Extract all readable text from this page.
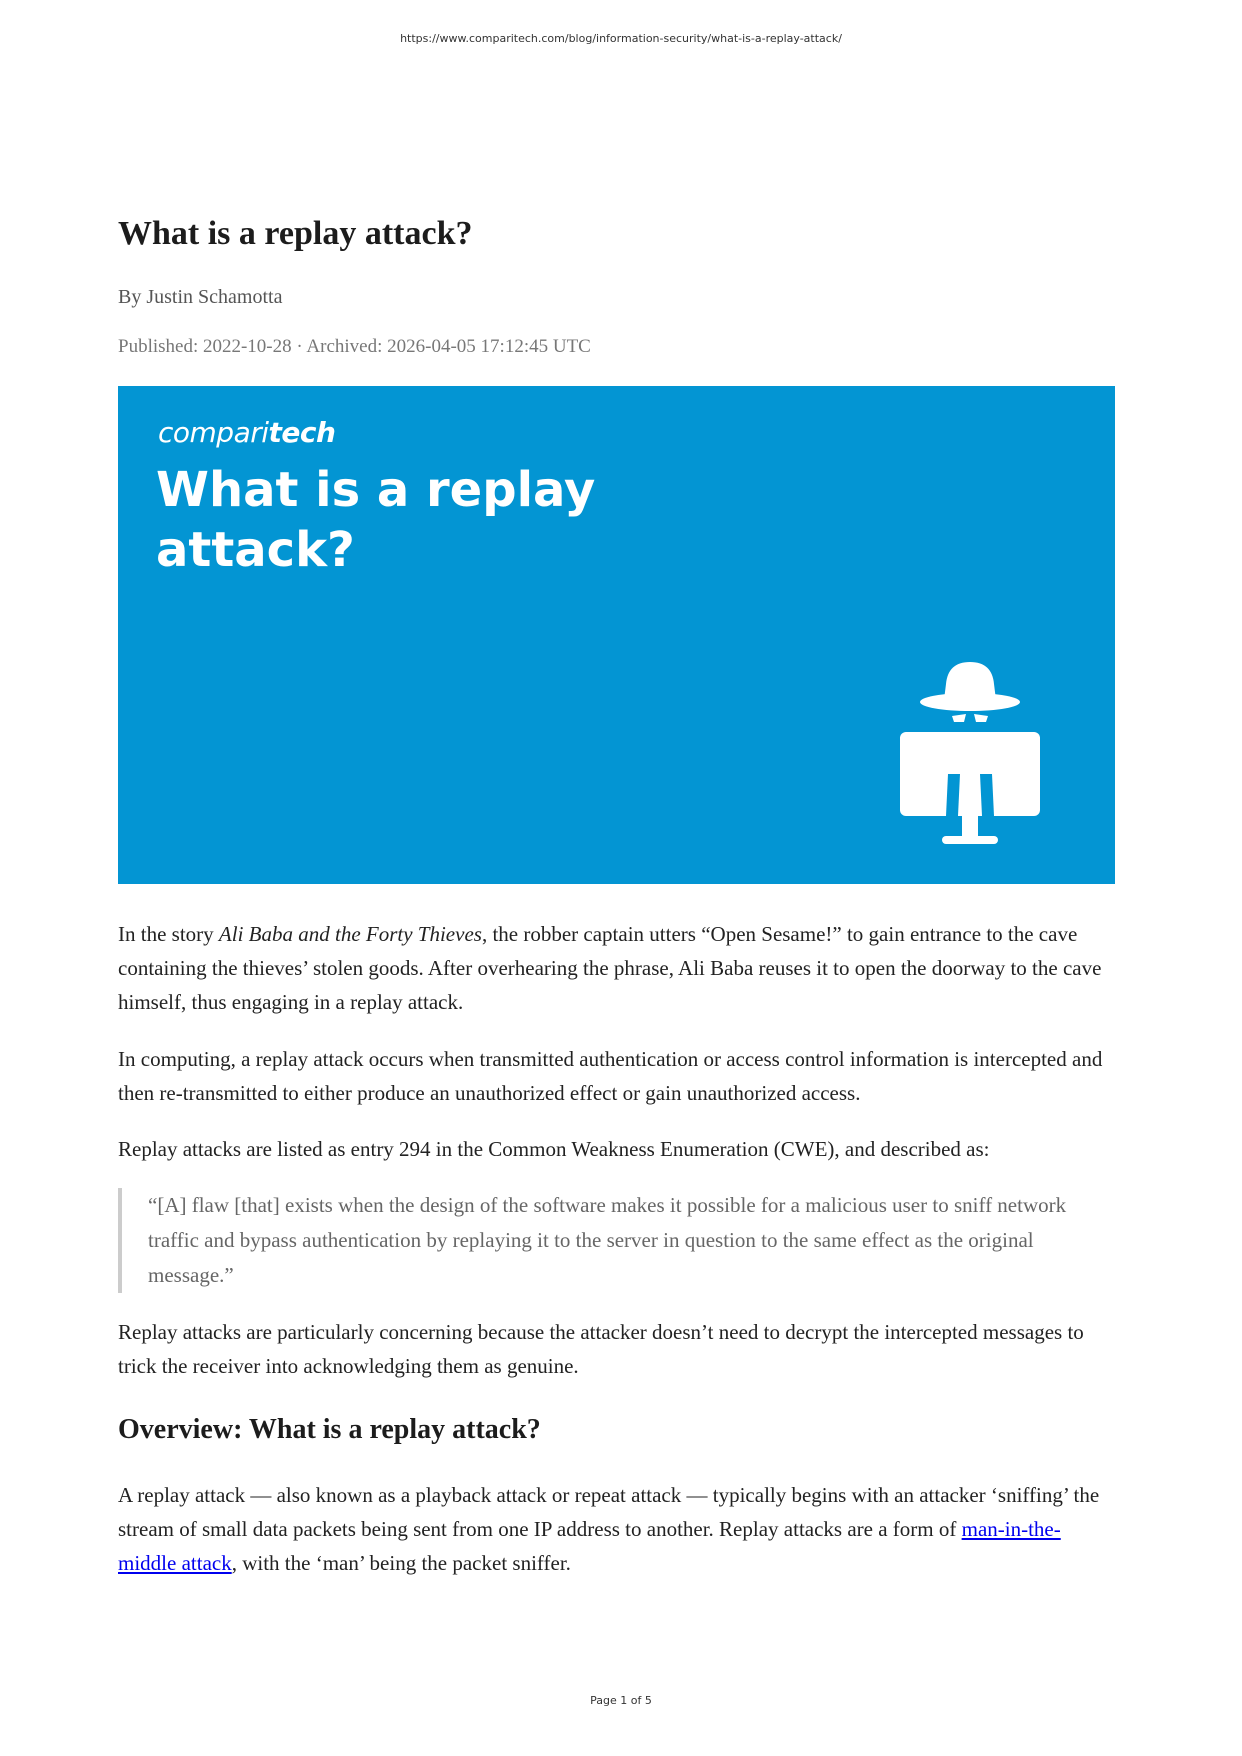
https://www.comparitech.com/blog/information-security/what-is-a-replay-attack/
What is a replay attack?
By Justin Schamotta
Published: 2022-10-28 · Archived: 2026-04-05 17:12:45 UTC
comparitech
What is a replay attack?

In the story Ali Baba and the Forty Thieves, the robber captain utters “Open Sesame!” to gain entrance to the cave containing the thieves’ stolen goods. After overhearing the phrase, Ali Baba reuses it to open the doorway to the cave himself, thus engaging in a replay attack.

In computing, a replay attack occurs when transmitted authentication or access control information is intercepted and then re-transmitted to either produce an unauthorized effect or gain unauthorized access.

Replay attacks are listed as entry 294 in the Common Weakness Enumeration (CWE), and described as:

“[A] flaw [that] exists when the design of the software makes it possible for a malicious user to sniff network traffic and bypass authentication by replaying it to the server in question to the same effect as the original message.”

Replay attacks are particularly concerning because the attacker doesn’t need to decrypt the intercepted messages to trick the receiver into acknowledging them as genuine.

Overview: What is a replay attack?

A replay attack — also known as a playback attack or repeat attack — typically begins with an attacker ‘sniffing’ the stream of small data packets being sent from one IP address to another. Replay attacks are a form of man-in-the-middle attack, with the ‘man’ being the packet sniffer.

Page 1 of 5
